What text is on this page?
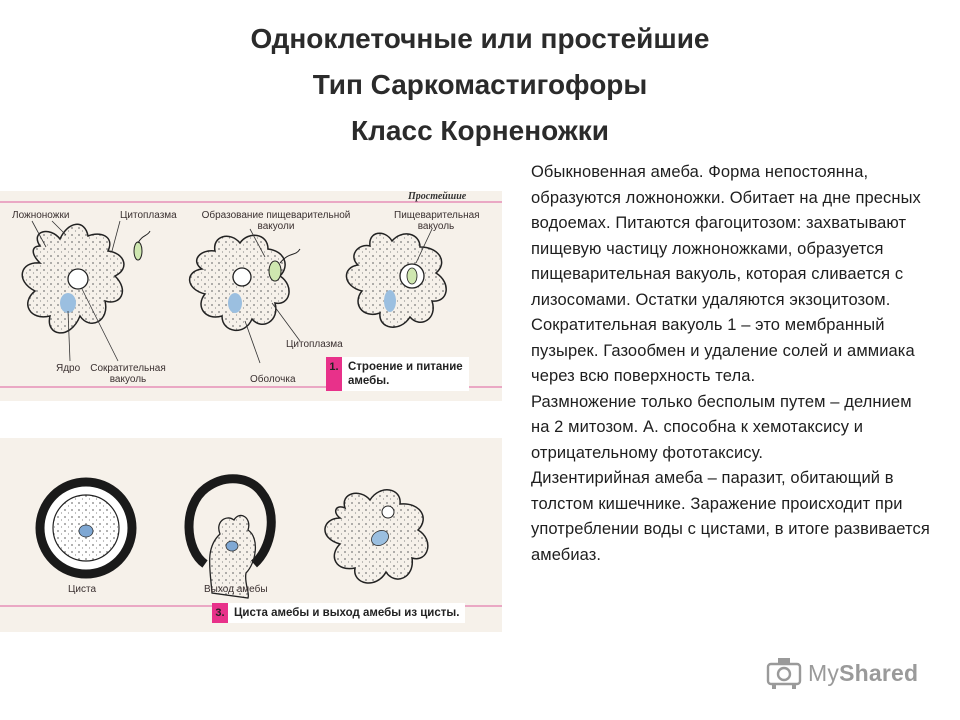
Одноклеточные или простейшие
Тип Саркомастигофоры
Класс Корненожки
Простейшие
Ложноножки	Цитоплазма	Образование пищеварительной вакуоли
Пищеварительная вакуоль
Ядро	Сократительная вакуоль
Цитоплазма
Оболочка
1. Строение и питание
амебы.
Циста	Выход амебы
3. Циста амебы и выход амебы из цисты.

Обыкновенная амеба. Форма непостоянна, образуются ложноножки. Обитает на дне пресных водоемах. Питаются фагоцитозом: захватывают пищевую частицу ложноножками, образуется пищеварительная вакуоль, которая сливается с лизосомами. Остатки удаляются экзоцитозом. Сократительная вакуоль 1 – это мембранный пузырек. Газообмен и удаление солей и аммиака через всю поверхность тела.

Размножение только бесполым путем – делнием на 2 митозом. А. способна к хемотаксису и отрицательному фототаксису.

Дизентирийная амеба – паразит, обитающий в толстом кишечнике. Заражение происходит при употреблении воды с цистами, в итоге развивается амебиаз.

MyShared
